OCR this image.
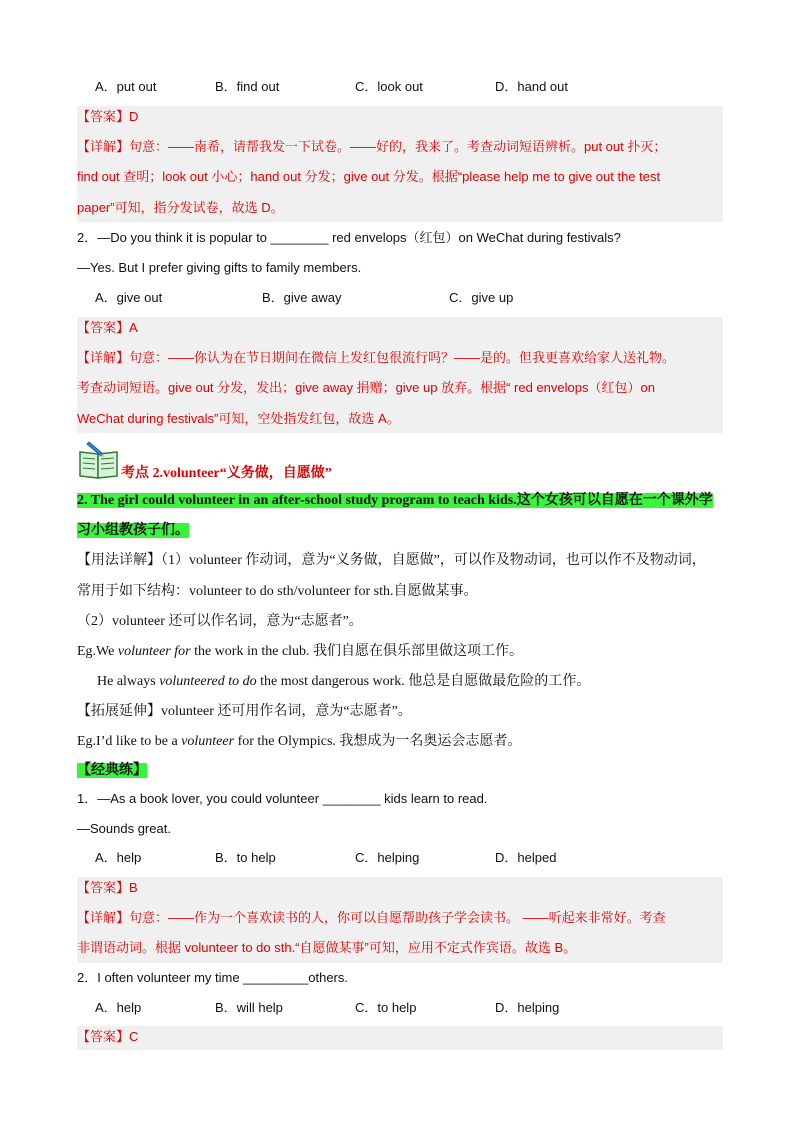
A．put out	B．find out	C．look out	D．hand out
【答案】D
【详解】句意：——南希，请帮我发一下试卷。——好的，我来了。考查动词短语辨析。put out 扑灭；
find out 查明；look out 小心；hand out 分发；give out 分发。根据“please help me to give out the test
paper”可知，指分发试卷，故选 D。
2．—Do you think it is popular to ________ red envelops（红包）on WeChat during festivals?
—Yes. But I prefer giving gifts to family members.
A．give out	B．give away	C．give up
【答案】A
【详解】句意：——你认为在节日期间在微信上发红包很流行吗？——是的。但我更喜欢给家人送礼物。
考查动词短语。give out 分发，发出；give away 捐赠；give up 放弃。根据“ red envelops（红包）on
WeChat during festivals”可知，空处指发红包，故选 A。
考点 2.volunteer“义务做，自愿做”
2. The girl could volunteer in an after-school study program to teach kids.这个女孩可以自愿在一个课外学
习小组教孩子们。
【用法详解】（1）volunteer 作动词，意为“义务做，自愿做”，可以作及物动词，也可以作不及物动词，
常用于如下结构：volunteer to do sth/volunteer for sth.自愿做某事。
（2）volunteer 还可以作名词，意为“志愿者”。
Eg.We volunteer for the work in the club. 我们自愿在俱乐部里做这项工作。
He always volunteered to do the most dangerous work. 他总是自愿做最危险的工作。
【拓展延伸】volunteer 还可用作名词，意为“志愿者”。
Eg.I’d like to be a volunteer for the Olympics. 我想成为一名奥运会志愿者。
【经典练】
1．—As a book lover, you could volunteer ________ kids learn to read.
—Sounds great.
A．help	B．to help	C．helping	D．helped
【答案】B
【详解】句意：——作为一个喜欢读书的人，你可以自愿帮助孩子学会读书。 ——听起来非常好。考查
非谓语动词。根据 volunteer to do sth.“自愿做某事”可知，应用不定式作宾语。故选 B。
2．I often volunteer my time _________others.
A．help	B．will help	C．to help	D．helping
【答案】C
